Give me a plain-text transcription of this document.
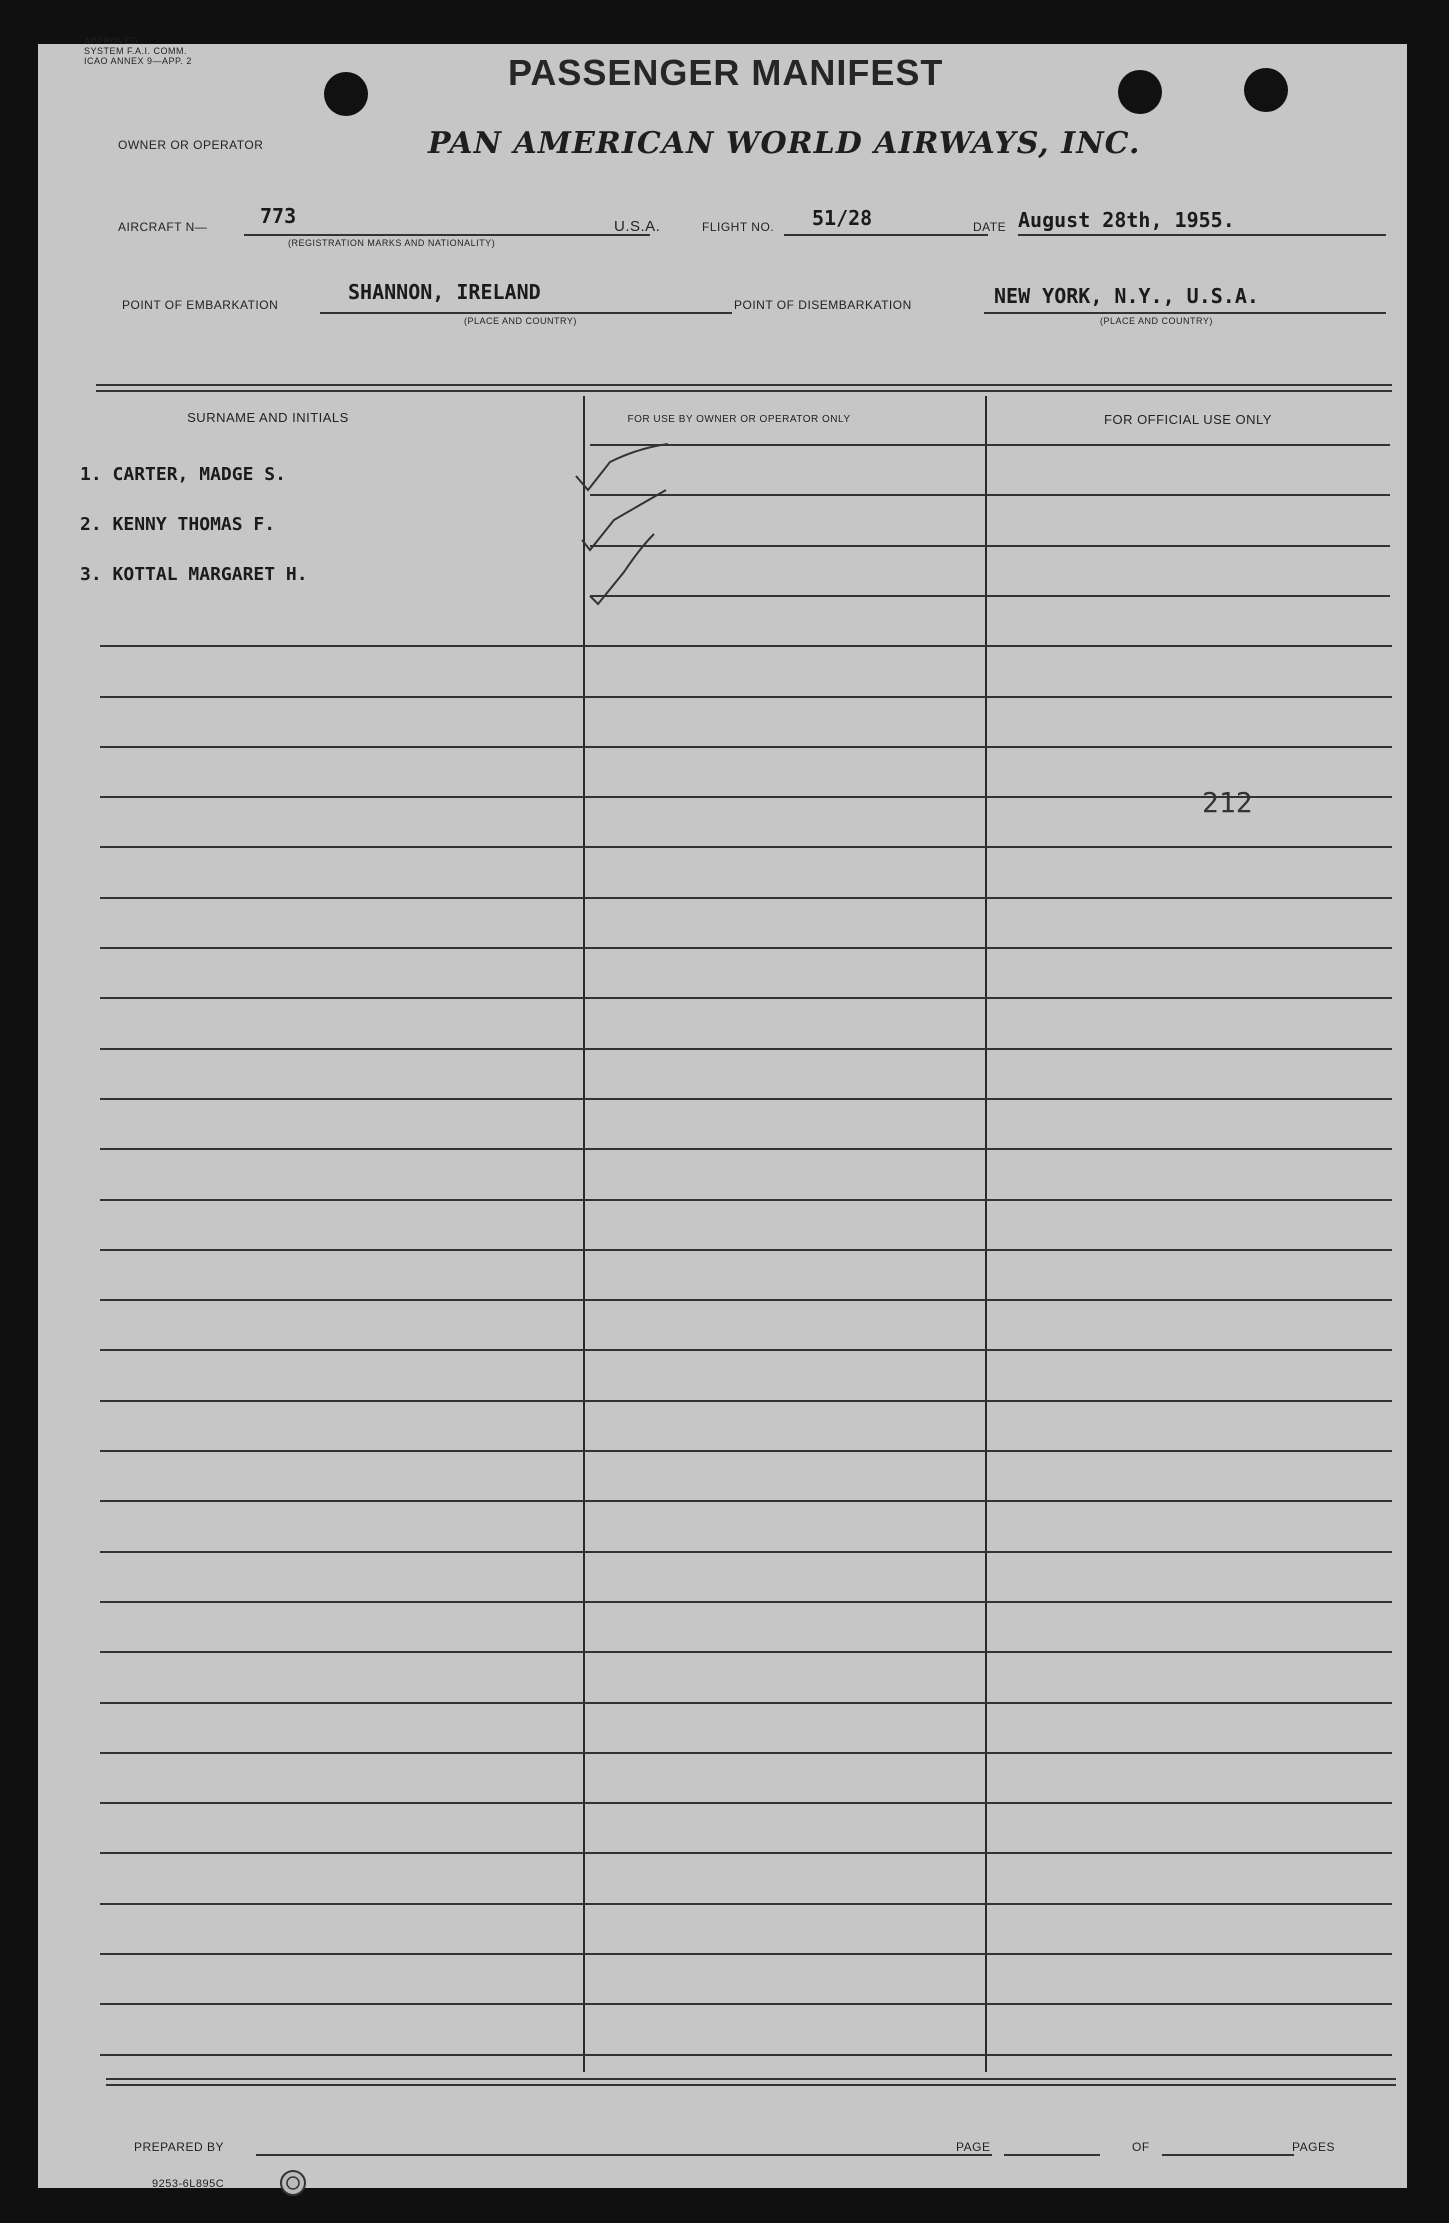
APPROVED
SYSTEM F.A.I. COMM.
ICAO ANNEX 9—APP. 2	PASSENGER MANIFEST
OWNER OR OPERATOR	PAN AMERICAN WORLD AIRWAYS, INC.
AIRCRAFT N—	773
(REGISTRATION MARKS AND NATIONALITY)
U.S.A.	FLIGHT NO. 51/28	DATE August 28th, 1955.
POINT OF EMBARKATION
SHANNON, IRELAND
(PLACE AND COUNTRY)
POINT OF DISEMBARKATION	NEW YORK, N.Y., U.S.A.
(PLACE AND COUNTRY)
SURNAME AND INITIALS	FOR USE BY OWNER OR OPERATOR ONLY	FOR OFFICIAL USE ONLY
1. CARTER, MADGE S.
2. KENNY THOMAS F.
3. KOTTAL MARGARET H.
212
PREPARED BY	PAGE	OF	PAGES
9253-6L895C
